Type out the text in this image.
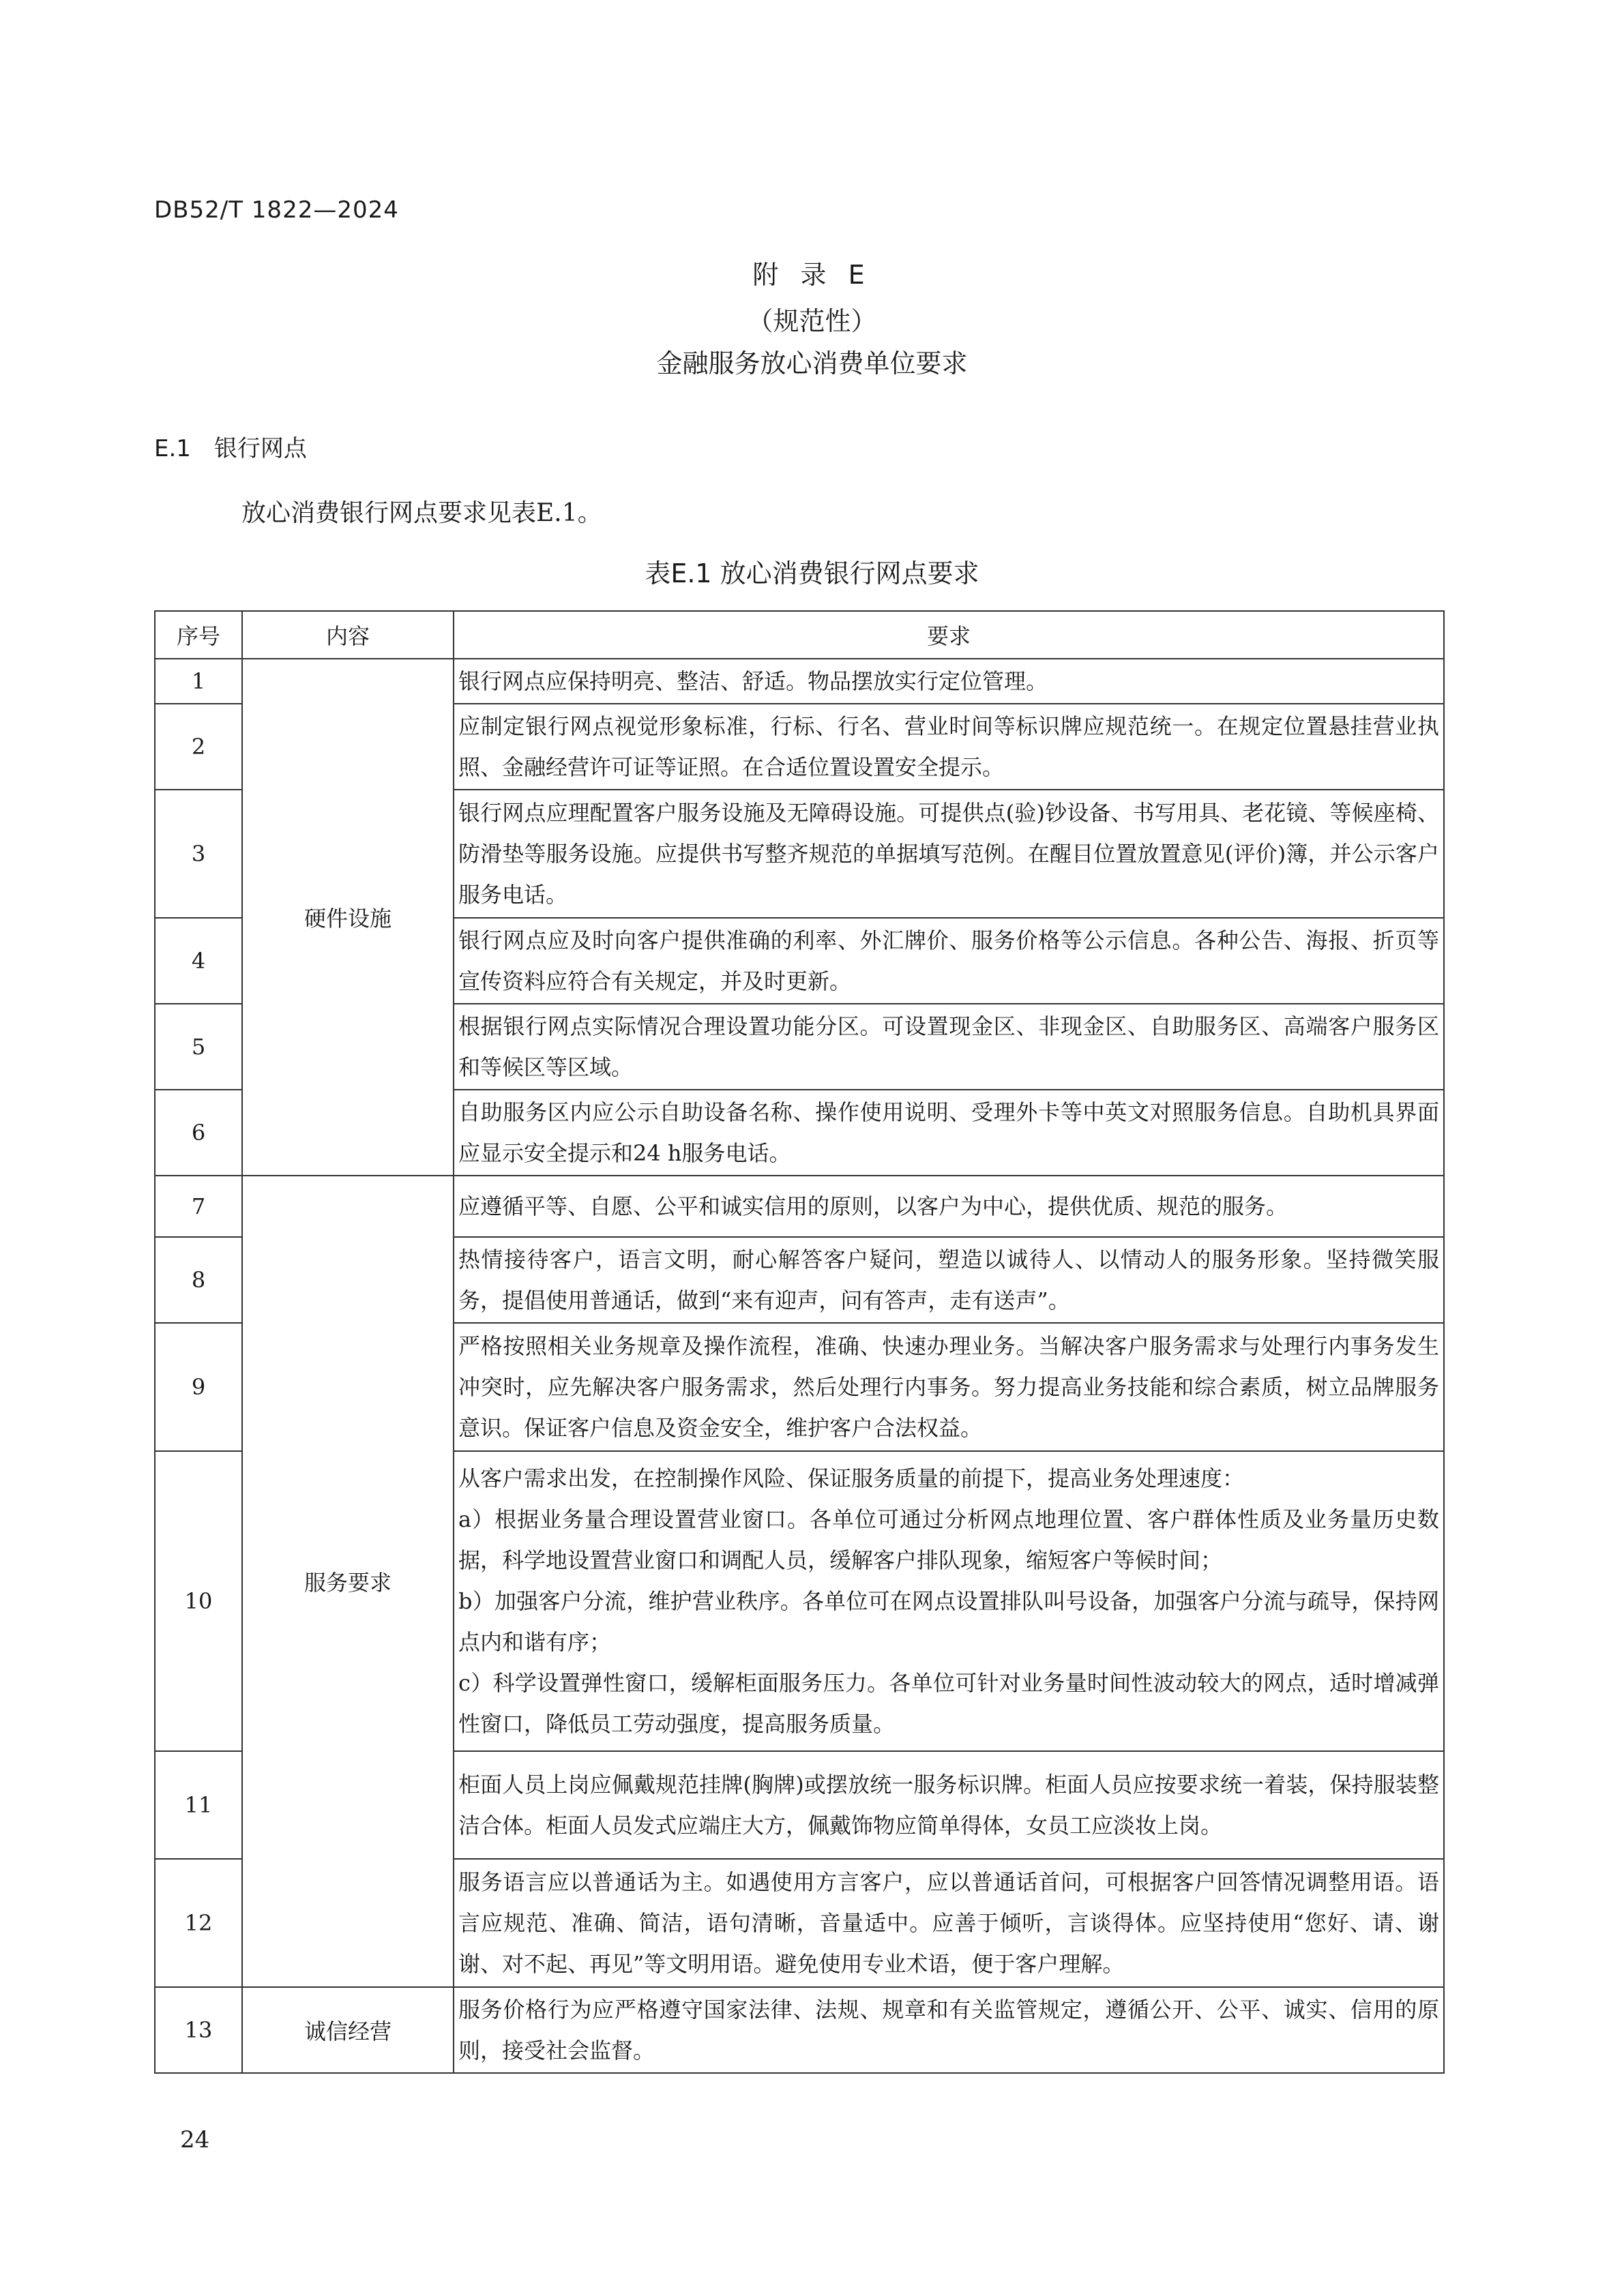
DB52/T 1822—2024
附 录 E
（规范性）
金融服务放心消费单位要求
E.1 银行网点
放心消费银行网点要求见表E.1。
表E.1 放心消费银行网点要求
序号	内容	要求
1	硬件设施	银行网点应保持明亮、整洁、舒适。物品摆放实行定位管理。

2		应制定银行网点视觉形象标准，行标、行名、营业时间等标识牌应规范统一。在规定位置悬挂营业执照、金融经营许可证等证照。在合适位置设置安全提示。

3		银行网点应理配置客户服务设施及无障碍设施。可提供点(验)钞设备、书写用具、老花镜、等候座椅、防滑垫等服务设施。应提供书写整齐规范的单据填写范例。在醒目位置放置意见(评价)簿，并公示客户服务电话。

4		银行网点应及时向客户提供准确的利率、外汇牌价、服务价格等公示信息。各种公告、海报、折页等宣传资料应符合有关规定，并及时更新。

5		根据银行网点实际情况合理设置功能分区。可设置现金区、非现金区、自助服务区、高端客户服务区和等候区等区域。

6		自助服务区内应公示自助设备名称、操作使用说明、受理外卡等中英文对照服务信息。自助机具界面应显示安全提示和24 h服务电话。

7	服务要求	应遵循平等、自愿、公平和诚实信用的原则，以客户为中心，提供优质、规范的服务。

8		热情接待客户，语言文明，耐心解答客户疑问，塑造以诚待人、以情动人的服务形象。坚持微笑服务，提倡使用普通话，做到“来有迎声，问有答声，走有送声”。

9		严格按照相关业务规章及操作流程，准确、快速办理业务。当解决客户服务需求与处理行内事务发生冲突时，应先解决客户服务需求，然后处理行内事务。努力提高业务技能和综合素质，树立品牌服务意识。保证客户信息及资金安全，维护客户合法权益。

10		从客户需求出发，在控制操作风险、保证服务质量的前提下，提高业务处理速度：
a）根据业务量合理设置营业窗口。各单位可通过分析网点地理位置、客户群体性质及业务量历史数据，科学地设置营业窗口和调配人员，缓解客户排队现象，缩短客户等候时间；
b）加强客户分流，维护营业秩序。各单位可在网点设置排队叫号设备，加强客户分流与疏导，保持网点内和谐有序；
c）科学设置弹性窗口，缓解柜面服务压力。各单位可针对业务量时间性波动较大的网点，适时增减弹性窗口，降低员工劳动强度，提高服务质量。

11		柜面人员上岗应佩戴规范挂牌(胸牌)或摆放统一服务标识牌。柜面人员应按要求统一着装，保持服装整洁合体。柜面人员发式应端庄大方，佩戴饰物应简单得体，女员工应淡妆上岗。

12		服务语言应以普通话为主。如遇使用方言客户，应以普通话首问，可根据客户回答情况调整用语。语言应规范、准确、简洁，语句清晰，音量适中。应善于倾听，言谈得体。应坚持使用“您好、请、谢谢、对不起、再见”等文明用语。避免使用专业术语，便于客户理解。

13	诚信经营	服务价格行为应严格遵守国家法律、法规、规章和有关监管规定，遵循公开、公平、诚实、信用的原则，接受社会监督。
24
